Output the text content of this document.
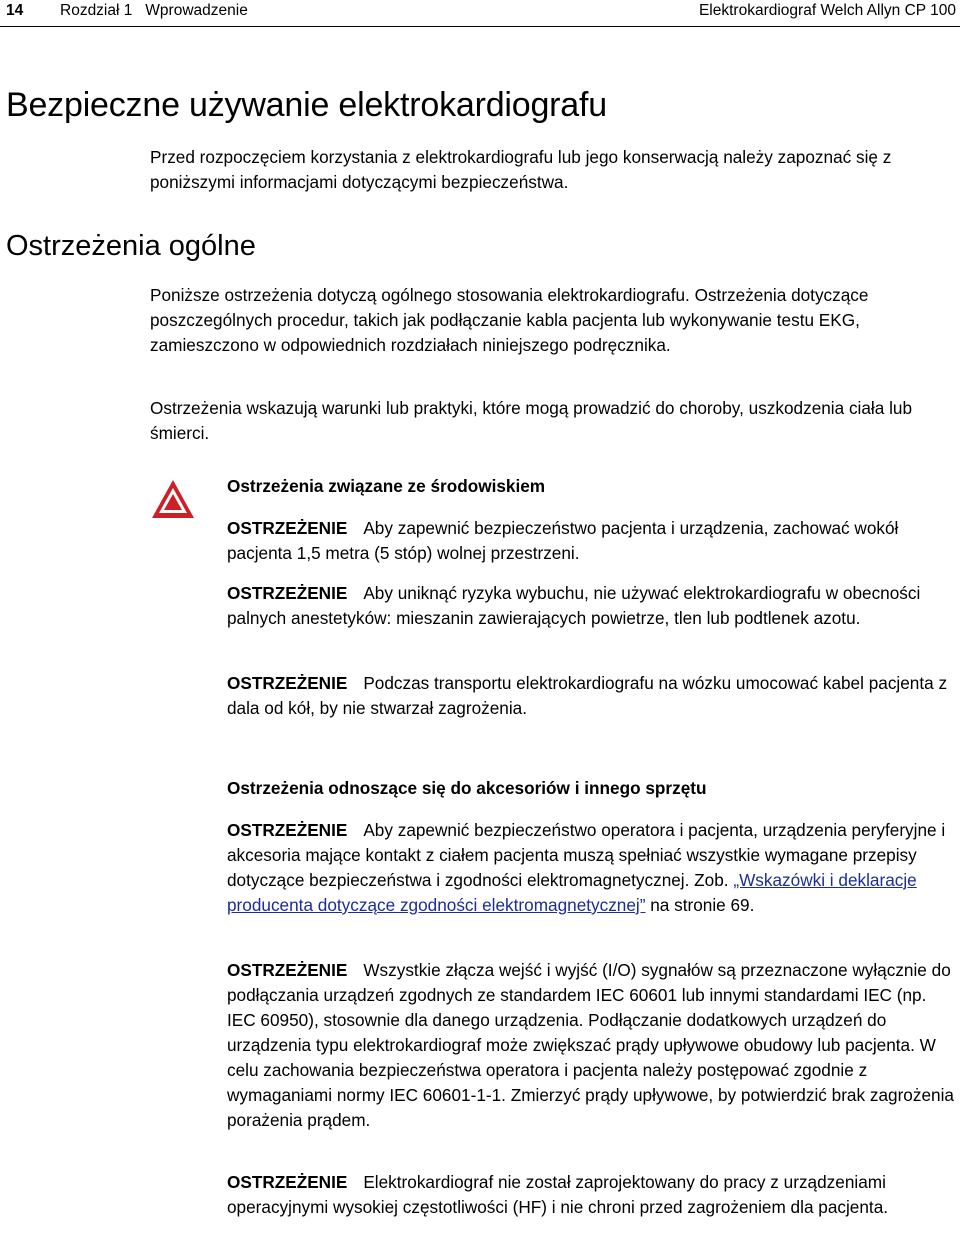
14 Rozdział 1   Wprowadzenie	Elektrokardiograf Welch Allyn CP 100
Bezpieczne używanie elektrokardiografu

Przed rozpoczęciem korzystania z elektrokardiografu lub jego konserwacją należy zapoznać się z poniższymi informacjami dotyczącymi bezpieczeństwa.

Ostrzeżenia ogólne

Poniższe ostrzeżenia dotyczą ogólnego stosowania elektrokardiografu. Ostrzeżenia dotyczące poszczególnych procedur, takich jak podłączanie kabla pacjenta lub wykonywanie testu EKG, zamieszczono w odpowiednich rozdziałach niniejszego podręcznika.

Ostrzeżenia wskazują warunki lub praktyki, które mogą prowadzić do choroby, uszkodzenia ciała lub śmierci.

Ostrzeżenia związane ze środowiskiem

OSTRZEŻENIE Aby zapewnić bezpieczeństwo pacjenta i urządzenia, zachować wokół pacjenta 1,5 metra (5 stóp) wolnej przestrzeni.

OSTRZEŻENIE Aby uniknąć ryzyka wybuchu, nie używać elektrokardiografu w obecności palnych anestetyków: mieszanin zawierających powietrze, tlen lub podtlenek azotu.

OSTRZEŻENIE Podczas transportu elektrokardiografu na wózku umocować kabel pacjenta z dala od kół, by nie stwarzał zagrożenia.

Ostrzeżenia odnoszące się do akcesoriów i innego sprzętu

OSTRZEŻENIE Aby zapewnić bezpieczeństwo operatora i pacjenta, urządzenia peryferyjne i akcesoria mające kontakt z ciałem pacjenta muszą spełniać wszystkie wymagane przepisy dotyczące bezpieczeństwa i zgodności elektromagnetycznej. Zob. „Wskazówki i deklaracje producenta dotyczące zgodności elektromagnetycznej” na stronie 69.

OSTRZEŻENIE Wszystkie złącza wejść i wyjść (I/O) sygnałów są przeznaczone wyłącznie do podłączania urządzeń zgodnych ze standardem IEC 60601 lub innymi standardami IEC (np. IEC 60950), stosownie dla danego urządzenia. Podłączanie dodatkowych urządzeń do urządzenia typu elektrokardiograf może zwiększać prądy upływowe obudowy lub pacjenta. W celu zachowania bezpieczeństwa operatora i pacjenta należy postępować zgodnie z wymaganiami normy IEC 60601-1-1. Zmierzyć prądy upływowe, by potwierdzić brak zagrożenia porażenia prądem.

OSTRZEŻENIE Elektrokardiograf nie został zaprojektowany do pracy z urządzeniami operacyjnymi wysokiej częstotliwości (HF) i nie chroni przed zagrożeniem dla pacjenta.
